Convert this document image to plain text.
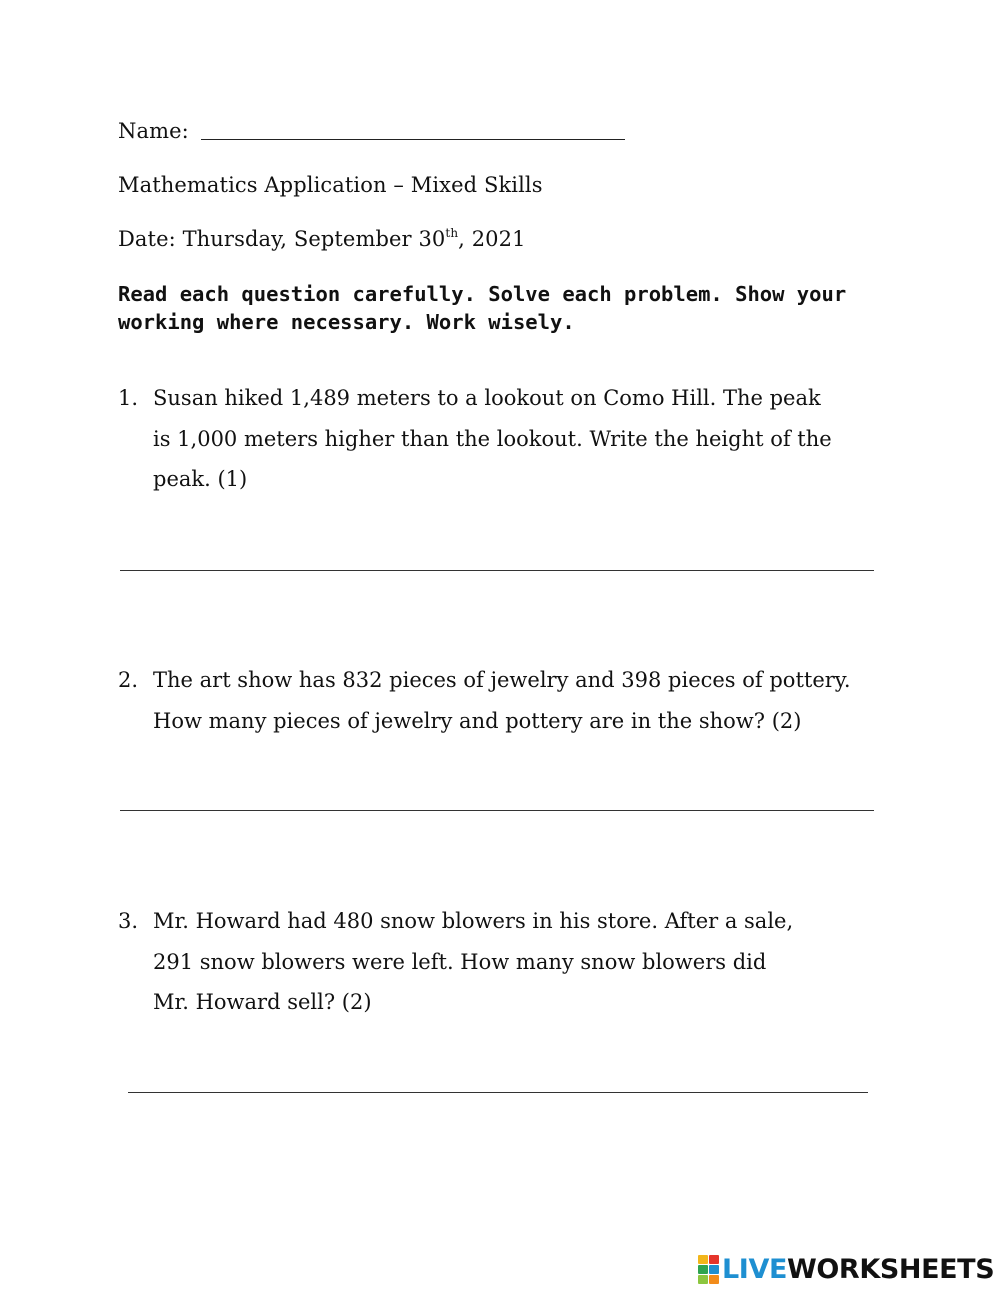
Name:
Mathematics Application – Mixed Skills
Date: Thursday, September 30th, 2021
Read each question carefully. Solve each problem. Show your
working where necessary. Work wisely.
1. Susan hiked 1,489 meters to a lookout on Como Hill. The peak
is 1,000 meters higher than the lookout. Write the height of the
peak. (1)
2. The art show has 832 pieces of jewelry and 398 pieces of pottery.
How many pieces of jewelry and pottery are in the show? (2)
3. Mr. Howard had 480 snow blowers in his store. After a sale,
291 snow blowers were left. How many snow blowers did
Mr. Howard sell? (2)
LIVEWORKSHEETS
